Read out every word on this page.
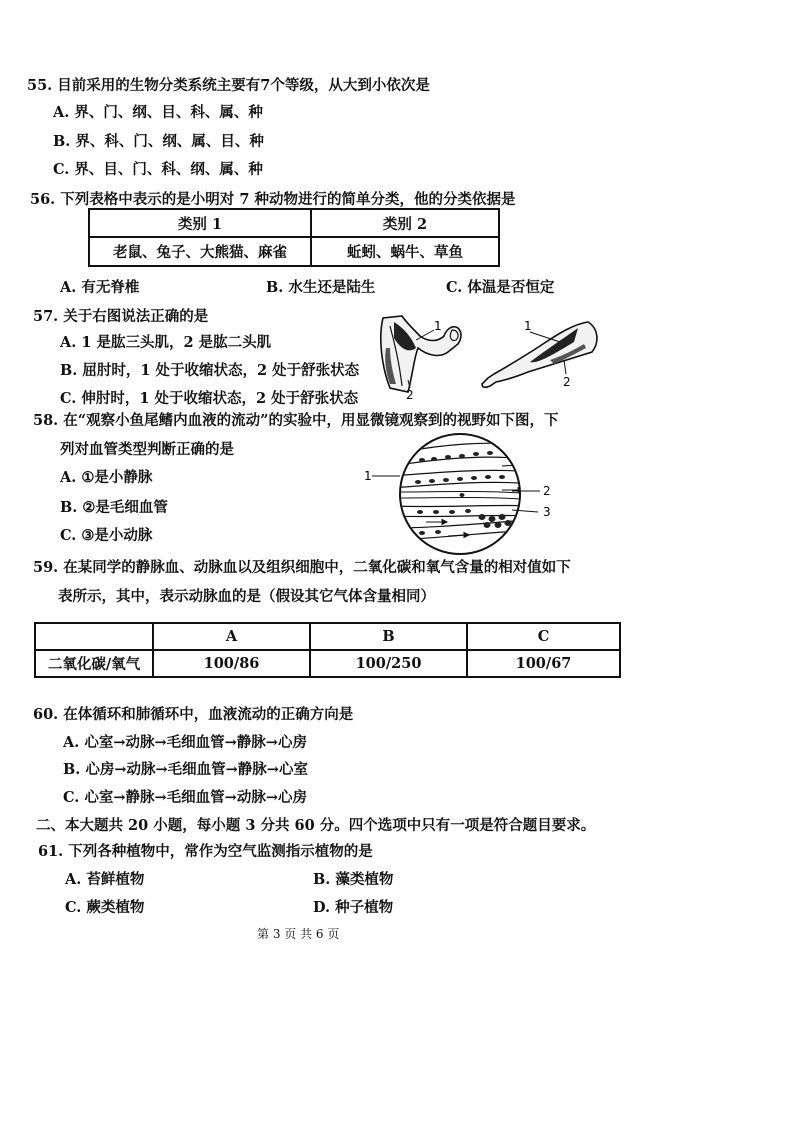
55. 目前采用的生物分类系统主要有7个等级，从大到小依次是
A. 界、门、纲、目、科、属、种
B. 界、科、门、纲、属、目、种
C. 界、目、门、科、纲、属、种
56. 下列表格中表示的是小明对 7 种动物进行的简单分类，他的分类依据是
类别 1	类别 2
老鼠、兔子、大熊猫、麻雀	蚯蚓、蜗牛、草鱼
A. 有无脊椎	B. 水生还是陆生	C. 体温是否恒定
57. 关于右图说法正确的是
A. 1 是肱三头肌，2 是肱二头肌
B. 屈肘时，1 处于收缩状态，2 处于舒张状态
C. 伸肘时，1 处于收缩状态，2 处于舒张状态
1
2
1
2
58. 在“观察小鱼尾鳍内血液的流动”的实验中，用显微镜观察到的视野如下图，下
列对血管类型判断正确的是
A. ①是小静脉
B. ②是毛细血管
C. ③是小动脉
1
2
3
59. 在某同学的静脉血、动脉血以及组织细胞中，二氧化碳和氧气含量的相对值如下
表所示，其中，表示动脉血的是（假设其它气体含量相同）
	A	B	C
二氧化碳/氧气	100/86	100/250	100/67
60. 在体循环和肺循环中，血液流动的正确方向是
A. 心室→动脉→毛细血管→静脉→心房
B. 心房→动脉→毛细血管→静脉→心室
C. 心室→静脉→毛细血管→动脉→心房
二、本大题共 20 小题，每小题 3 分共 60 分。四个选项中只有一项是符合题目要求。
61. 下列各种植物中，常作为空气监测指示植物的是
A. 苔鲜植物	B. 藻类植物
C. 蕨类植物	D. 种子植物
第 3 页 共 6 页
